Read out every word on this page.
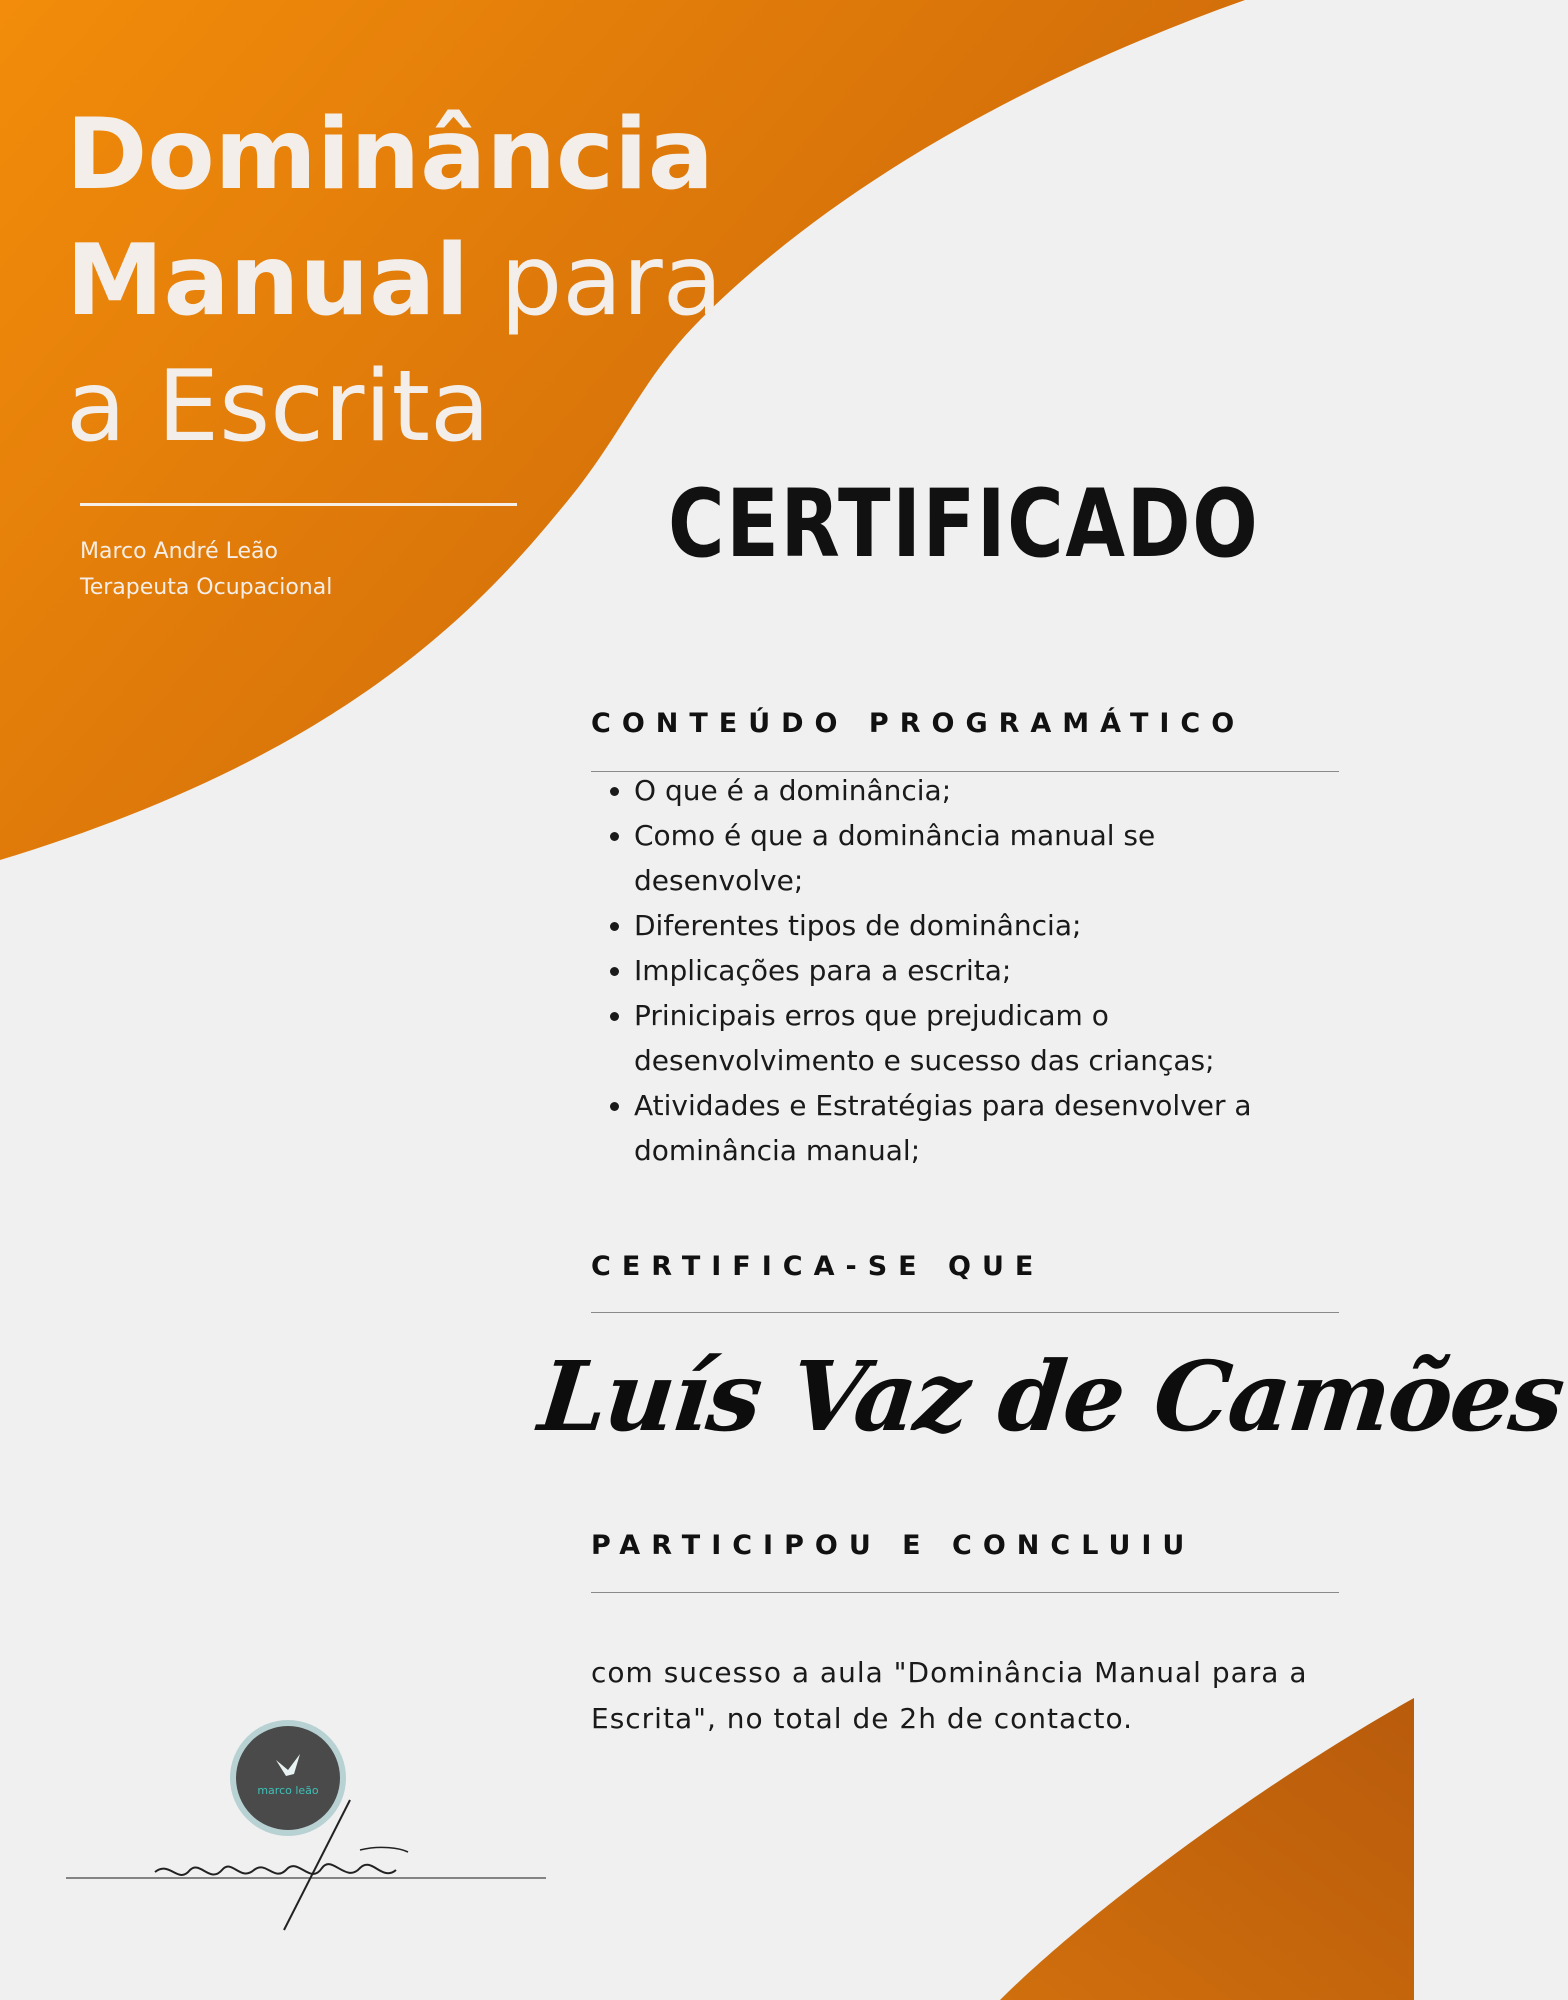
Dominância
Manual para
a Escrita
Marco André Leão
Terapeuta Ocupacional
CERTIFICADO
CONTEÚDO PROGRAMÁTICO
• O que é a dominância;
• Como é que a dominância manual se desenvolve;
• Diferentes tipos de dominância;
• Implicações para a escrita;
• Prinicipais erros que prejudicam o desenvolvimento e sucesso das crianças;
• Atividades e Estratégias para desenvolver a dominância manual;
CERTIFICA-SE QUE
Luís Vaz de Camões
PARTICIPOU E CONCLUIU
com sucesso a aula "Dominância Manual para a Escrita", no total de 2h de contacto.
marco leão
